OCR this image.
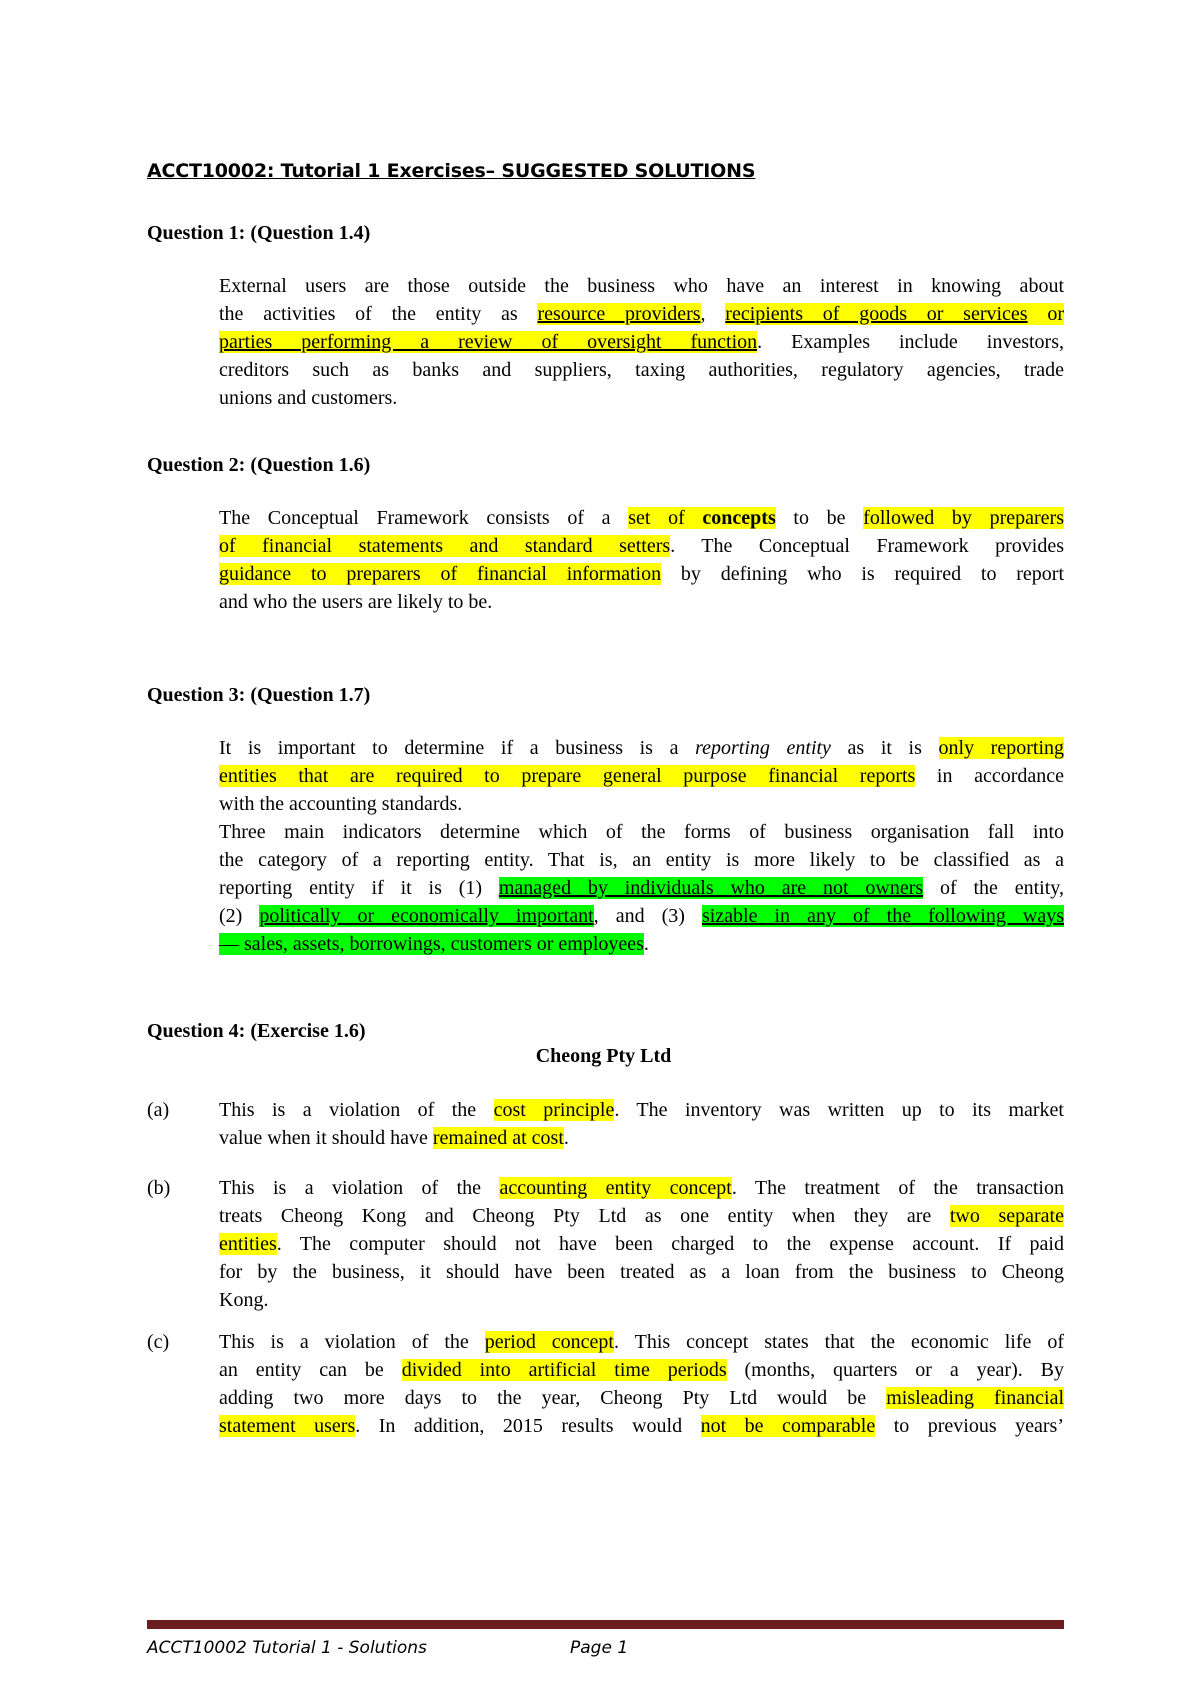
ACCT10002: Tutorial 1 Exercises– SUGGESTED SOLUTIONS
Question 1: (Question 1.4)
External users are those outside the business who have an interest in knowing about
the activities of the entity as resource providers, recipients of goods or services or
parties performing a review of oversight function. Examples include investors,
creditors such as banks and suppliers, taxing authorities, regulatory agencies, trade
unions and customers.
Question 2: (Question 1.6)
The Conceptual Framework consists of a set of concepts to be followed by preparers
of financial statements and standard setters. The Conceptual Framework provides
guidance to preparers of financial information by defining who is required to report
and who the users are likely to be.
Question 3: (Question 1.7)
It is important to determine if a business is a reporting entity as it is only reporting
entities that are required to prepare general purpose financial reports in accordance
with the accounting standards.
Three main indicators determine which of the forms of business organisation fall into
the category of a reporting entity. That is, an entity is more likely to be classified as a
reporting entity if it is (1) managed by individuals who are not owners of the entity,
(2) politically or economically important, and (3) sizable in any of the following ways
— sales, assets, borrowings, customers or employees.
Question 4: (Exercise 1.6)
Cheong Pty Ltd
(a) This is a violation of the cost principle. The inventory was written up to its market
value when it should have remained at cost.
(b) This is a violation of the accounting entity concept. The treatment of the transaction
treats Cheong Kong and Cheong Pty Ltd as one entity when they are two separate
entities. The computer should not have been charged to the expense account. If paid
for by the business, it should have been treated as a loan from the business to Cheong
Kong.
(c) This is a violation of the period concept. This concept states that the economic life of
an entity can be divided into artificial time periods (months, quarters or a year). By
adding two more days to the year, Cheong Pty Ltd would be misleading financial
statement users. In addition, 2015 results would not be comparable to previous years’
ACCT10002 Tutorial 1 - Solutions	Page 1
